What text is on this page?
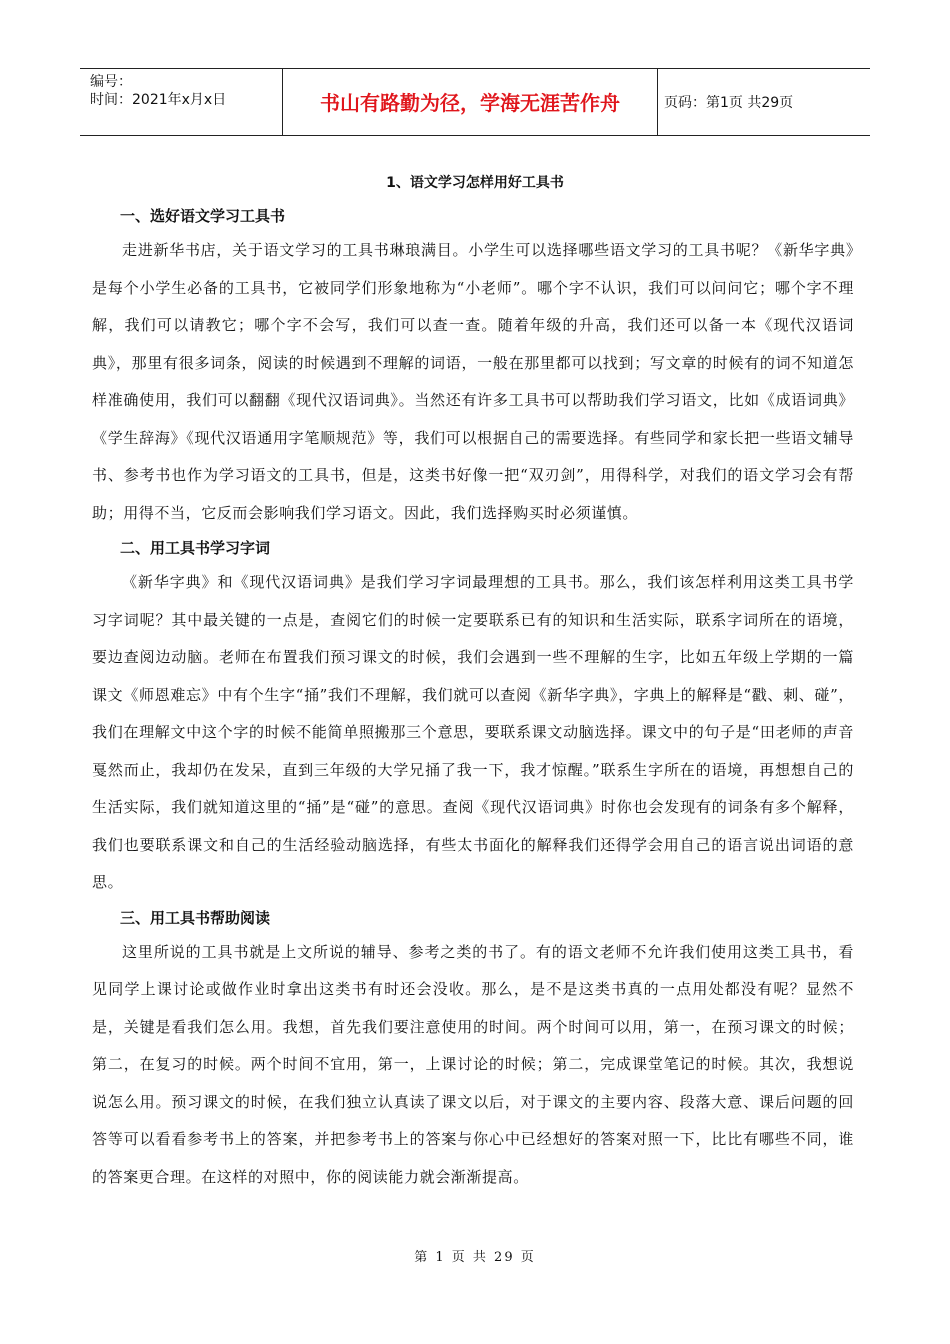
编号：
时间：2021年x月x日	书山有路勤为径，学海无涯苦作舟	页码：第1页 共29页
1、语文学习怎样用好工具书
一、选好语文学习工具书

走进新华书店，关于语文学习的工具书琳琅满目。小学生可以选择哪些语文学习的工具书呢？《新华字典》是每个小学生必备的工具书，它被同学们形象地称为“小老师”。哪个字不认识，我们可以问问它；哪个字不理解，我们可以请教它；哪个字不会写，我们可以查一查。随着年级的升高，我们还可以备一本《现代汉语词典》，那里有很多词条，阅读的时候遇到不理解的词语，一般在那里都可以找到；写文章的时候有的词不知道怎样准确使用，我们可以翻翻《现代汉语词典》。当然还有许多工具书可以帮助我们学习语文，比如《成语词典》《学生辞海》《现代汉语通用字笔顺规范》等，我们可以根据自己的需要选择。有些同学和家长把一些语文辅导书、参考书也作为学习语文的工具书，但是，这类书好像一把“双刃剑”，用得科学，对我们的语文学习会有帮助；用得不当，它反而会影响我们学习语文。因此，我们选择购买时必须谨慎。

二、用工具书学习字词

《新华字典》和《现代汉语词典》是我们学习字词最理想的工具书。那么，我们该怎样利用这类工具书学习字词呢？其中最关键的一点是，查阅它们的时候一定要联系已有的知识和生活实际，联系字词所在的语境，要边查阅边动脑。老师在布置我们预习课文的时候，我们会遇到一些不理解的生字，比如五年级上学期的一篇课文《师恩难忘》中有个生字“捅”我们不理解，我们就可以查阅《新华字典》，字典上的解释是“戳、刺、碰”，我们在理解文中这个字的时候不能简单照搬那三个意思，要联系课文动脑选择。课文中的句子是“田老师的声音戛然而止，我却仍在发呆，直到三年级的大学兄捅了我一下，我才惊醒。”联系生字所在的语境，再想想自己的生活实际，我们就知道这里的“捅”是“碰”的意思。查阅《现代汉语词典》时你也会发现有的词条有多个解释，我们也要联系课文和自己的生活经验动脑选择，有些太书面化的解释我们还得学会用自己的语言说出词语的意思。

三、用工具书帮助阅读

这里所说的工具书就是上文所说的辅导、参考之类的书了。有的语文老师不允许我们使用这类工具书，看见同学上课讨论或做作业时拿出这类书有时还会没收。那么，是不是这类书真的一点用处都没有呢？显然不是，关键是看我们怎么用。我想，首先我们要注意使用的时间。两个时间可以用，第一，在预习课文的时候；第二，在复习的时候。两个时间不宜用，第一，上课讨论的时候；第二，完成课堂笔记的时候。其次，我想说说怎么用。预习课文的时候，在我们独立认真读了课文以后，对于课文的主要内容、段落大意、课后问题的回答等可以看看参考书上的答案，并把参考书上的答案与你心中已经想好的答案对照一下，比比有哪些不同，谁的答案更合理。在这样的对照中，你的阅读能力就会渐渐提高。

第 1 页 共 29 页
